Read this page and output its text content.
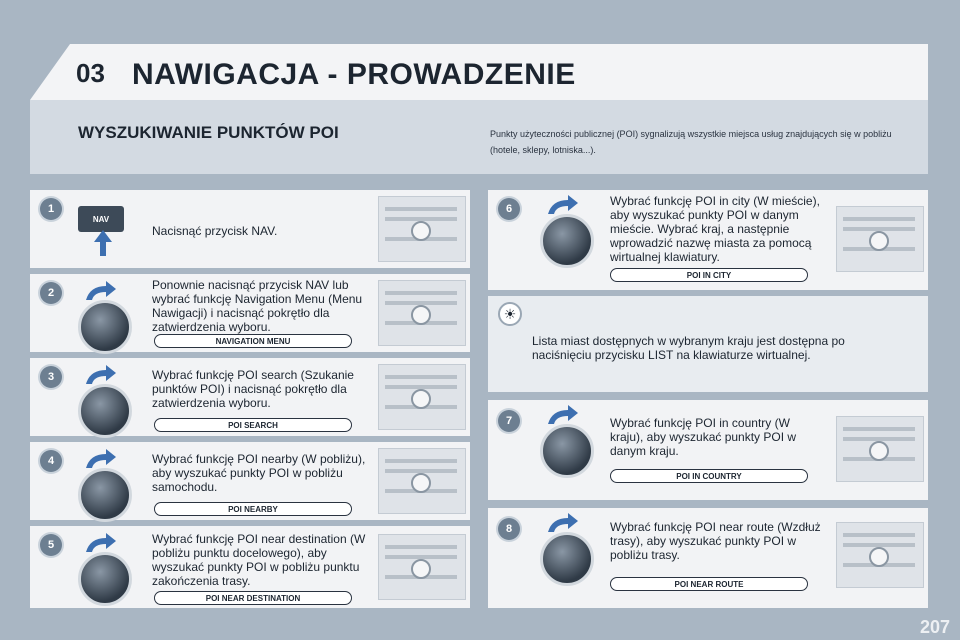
03 NAWIGACJA - PROWADZENIE
WYSZUKIWANIE PUNKTÓW POI	Punkty użyteczności publicznej (POI) sygnalizują wszystkie miejsca usług znajdujących się w pobliżu (hotele, sklepy, lotniska...).
1
NAV
Nacisnąć przycisk NAV.
2
Ponownie nacisnąć przycisk NAV lub wybrać funkcję Navigation Menu (Menu Nawigacji) i nacisnąć pokrętło dla zatwierdzenia wyboru.
NAVIGATION MENU
3	Wybrać funkcję POI search (Szukanie punktów POI) i nacisnąć pokrętło dla zatwierdzenia wyboru.
POI SEARCH
4	Wybrać funkcję POI nearby (W pobliżu), aby wyszukać punkty POI w pobliżu samochodu.
POI NEARBY
5	Wybrać funkcję POI near destination (W pobliżu punktu docelowego), aby wyszukać punkty POI w pobliżu punktu zakończenia trasy.
POI NEAR DESTINATION
6
Wybrać funkcję POI in city (W mieście), aby wyszukać punkty POI w danym mieście. Wybrać kraj, a następnie wprowadzić nazwę miasta za pomocą wirtualnej klawiatury.
POI IN CITY
☀
Lista miast dostępnych w wybranym kraju jest dostępna po naciśnięciu przycisku LIST na klawiaturze wirtualnej.
7	Wybrać funkcję POI in country (W kraju), aby wyszukać punkty POI w danym kraju.
POI IN COUNTRY
8	Wybrać funkcję POI near route (Wzdłuż trasy), aby wyszukać punkty POI w pobliżu trasy.
POI NEAR ROUTE
207
